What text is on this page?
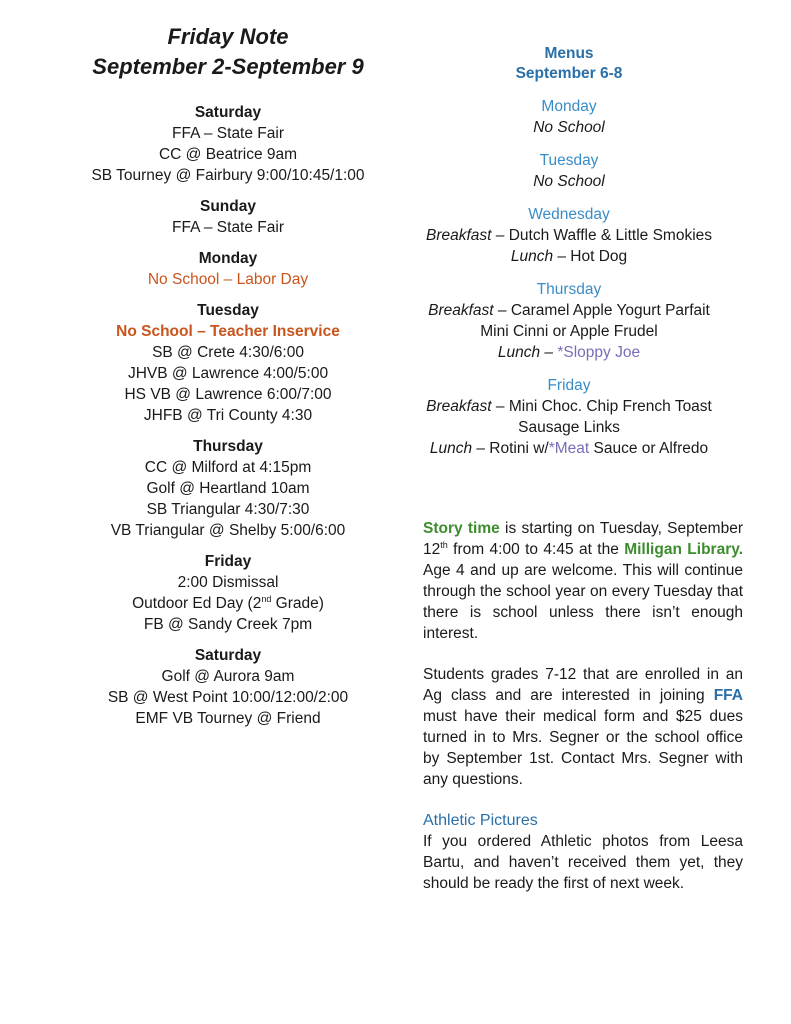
Friday Note
September 2-September 9
Saturday
FFA – State Fair
CC @ Beatrice 9am
SB Tourney @ Fairbury 9:00/10:45/1:00
Sunday
FFA – State Fair
Monday
No School – Labor Day
Tuesday
No School – Teacher Inservice
SB @ Crete 4:30/6:00
JHVB @ Lawrence 4:00/5:00
HS VB @ Lawrence 6:00/7:00
JHFB @ Tri County 4:30
Thursday
CC @ Milford at 4:15pm
Golf @ Heartland 10am
SB Triangular 4:30/7:30
VB Triangular @ Shelby 5:00/6:00
Friday
2:00 Dismissal
Outdoor Ed Day (2nd Grade)
FB @ Sandy Creek 7pm
Saturday
Golf @ Aurora 9am
SB @ West Point 10:00/12:00/2:00
EMF VB Tourney @ Friend
Menus
September 6-8
Monday
No School
Tuesday
No School
Wednesday
Breakfast – Dutch Waffle & Little Smokies
Lunch – Hot Dog
Thursday
Breakfast – Caramel Apple Yogurt Parfait
Mini Cinni or Apple Frudel
Lunch – *Sloppy Joe
Friday
Breakfast – Mini Choc. Chip French Toast
Sausage Links
Lunch – Rotini w/*Meat Sauce or Alfredo

Story time is starting on Tuesday, September 12th from 4:00 to 4:45 at the Milligan Library. Age 4 and up are welcome. This will continue through the school year on every Tuesday that there is school unless there isn’t enough interest.

Students grades 7-12 that are enrolled in an Ag class and are interested in joining FFA must have their medical form and $25 dues turned in to Mrs. Segner or the school office by September 1st. Contact Mrs. Segner with any questions.

Athletic Pictures

If you ordered Athletic photos from Leesa Bartu, and haven’t received them yet, they should be ready the first of next week.
